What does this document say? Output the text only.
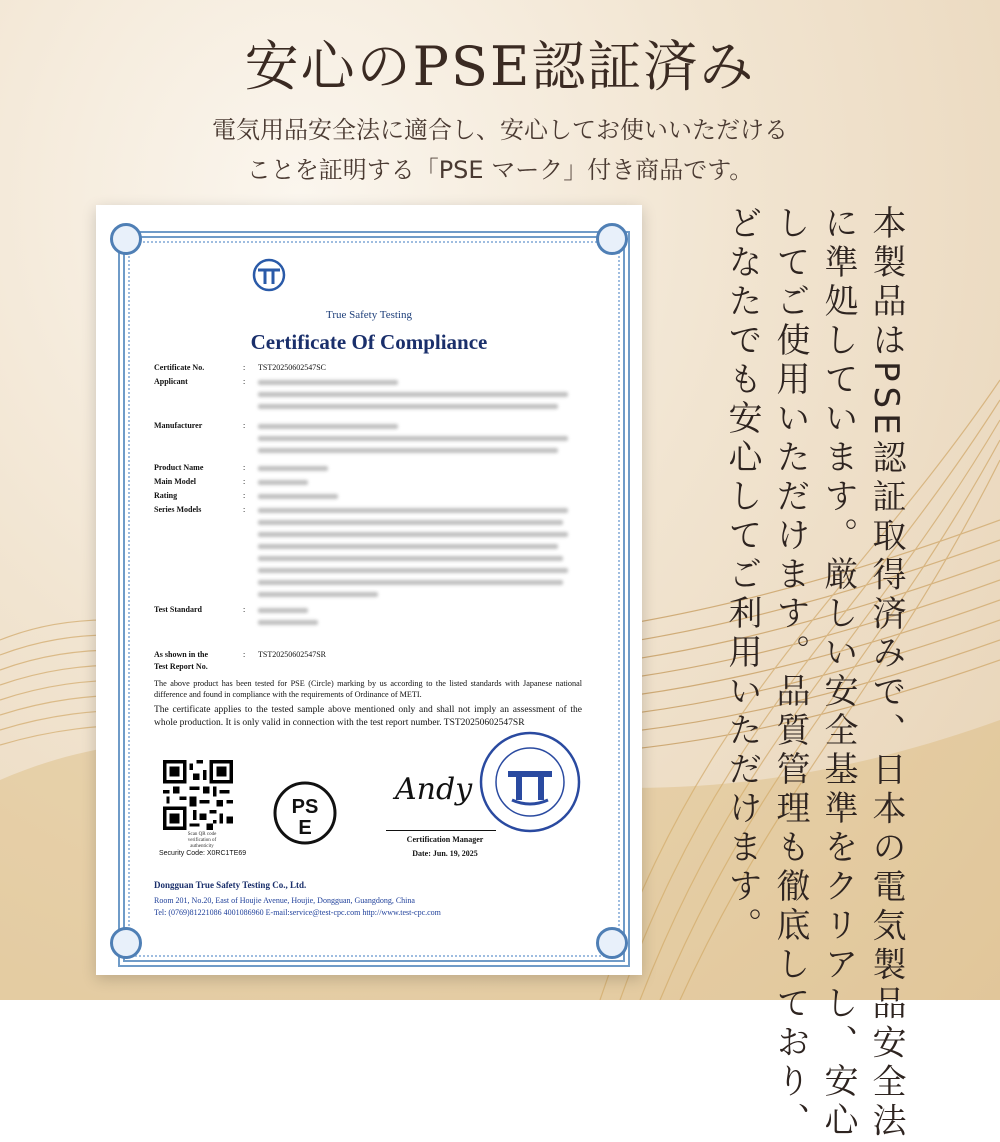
安心のPSE認証済み
電気用品安全法に適合し、安心してお使いいただける
ことを証明する「PSE マーク」付き商品です。
True Safety Testing
Certificate Of Compliance
Certificate No.	: TST20250602547SC
Applicant	:
Manufacturer	:
Product Name	:
Main Model	:
Rating	:
Series Models	:
Test Standard	:
As shown in the
Test Report No.
: TST20250602547SR
The above product has been tested for PSE (Circle) marking by us according to the listed standards with Japanese national difference and found in compliance with the requirements of Ordinance of METI.
The certificate applies to the tested sample above mentioned only and shall not imply an assessment of the whole production. It is only valid in connection with the test report number. TST20250602547SR
Scan QR code
verification of authenticity
Security Code: X0RC1TE69
PS
E
Andy
Certification Manager
Date: Jun. 19, 2025
Dongguan True Safety Testing Co., Ltd.
Room 201, No.20, East of Houjie Avenue, Houjie, Dongguan, Guangdong, China
Tel: (0769)81221086 4001086960 E-mail:service@test-cpc.com http://www.test-cpc.com	本製品はPSE認証取得済みで、日本の電気製品安全法
に準処しています。厳しい安全基準をクリアし、安心
してご使用いただけます。品質管理も徹底しており、
どなたでも安心してご利用いただけます。
